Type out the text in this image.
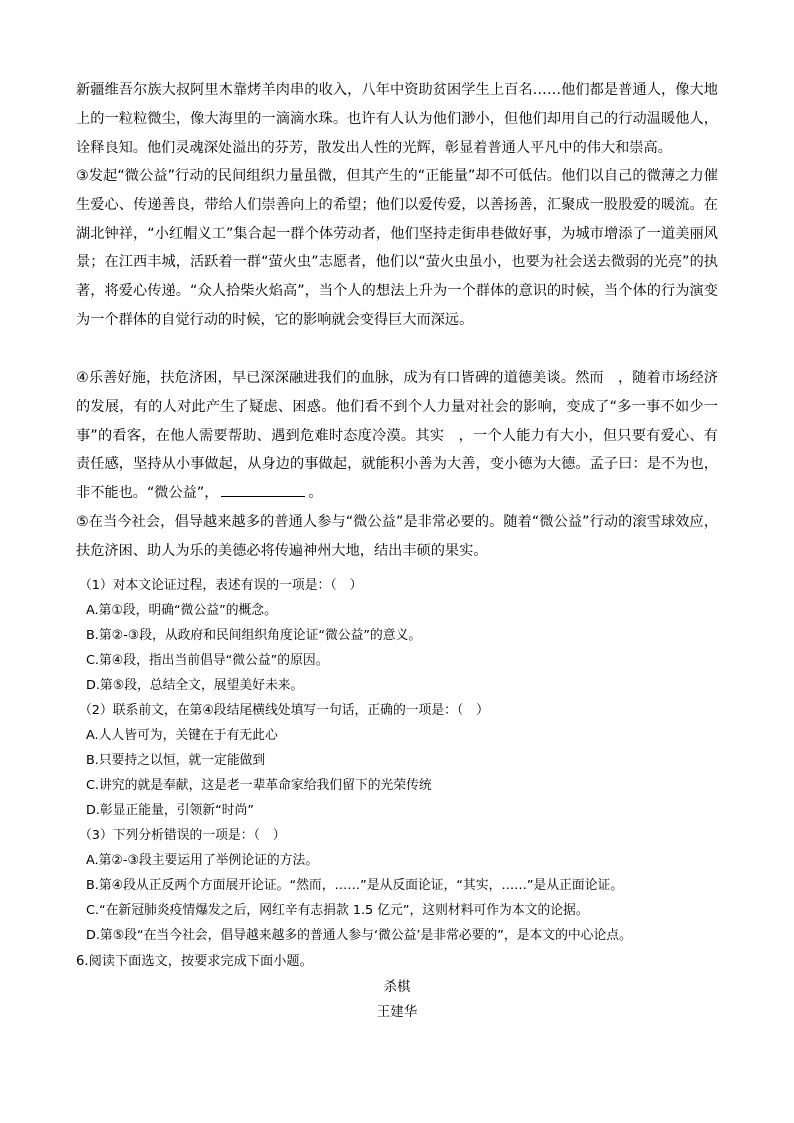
新疆维吾尔族大叔阿里木靠烤羊肉串的收入，八年中资助贫困学生上百名……他们都是普通人，像大地上的一粒粒微尘，像大海里的一滴滴水珠。也许有人认为他们渺小，但他们却用自己的行动温暖他人，诠释良知。他们灵魂深处溢出的芬芳，散发出人性的光辉，彰显着普通人平凡中的伟大和崇高。

③发起“微公益”行动的民间组织力量虽微，但其产生的“正能量”却不可低估。他们以自己的微薄之力催生爱心、传递善良，带给人们崇善向上的希望；他们以爱传爱，以善扬善，汇聚成一股股爱的暖流。在湖北钟祥，“小红帽义工”集合起一群个体劳动者，他们坚持走街串巷做好事，为城市增添了一道美丽风景；在江西丰城，活跃着一群“萤火虫”志愿者，他们以“萤火虫虽小，也要为社会送去微弱的光亮”的执著，将爱心传递。“众人拾柴火焰高”，当个人的想法上升为一个群体的意识的时候，当个体的行为演变为一个群体的自觉行动的时候，它的影响就会变得巨大而深远。

④乐善好施，扶危济困，早已深深融进我们的血脉，成为有口皆碑的道德美谈。然而　，随着市场经济的发展，有的人对此产生了疑虑、困惑。他们看不到个人力量对社会的影响，变成了“多一事不如少一事”的看客，在他人需要帮助、遇到危难时态度冷漠。其实　，一个人能力有大小，但只要有爱心、有责任感，坚持从小事做起，从身边的事做起，就能积小善为大善，变小德为大德。孟子曰：是不为也，非不能也。“微公益”，	。

⑤在当今社会，倡导越来越多的普通人参与“微公益”是非常必要的。随着“微公益”行动的滚雪球效应，扶危济困、助人为乐的美德必将传遍神州大地，结出丰硕的果实。

（1）对本文论证过程，表述有误的一项是：（　）

A.第①段，明确“微公益”的概念。

B.第②-③段，从政府和民间组织角度论证“微公益”的意义。

C.第④段，指出当前倡导“微公益”的原因。

D.第⑤段，总结全文，展望美好未来。

（2）联系前文，在第④段结尾横线处填写一句话，正确的一项是：（　）

A.人人皆可为，关键在于有无此心

B.只要持之以恒，就一定能做到

C.讲究的就是奉献，这是老一辈革命家给我们留下的光荣传统

D.彰显正能量，引领新“时尚”

（3）下列分析错误的一项是：（　）

A.第②-③段主要运用了举例论证的方法。

B.第④段从正反两个方面展开论证。“然而，……”是从反面论证，“其实，……”是从正面论证。

C.“在新冠肺炎疫情爆发之后，网红辛有志捐款 1.5 亿元”，这则材料可作为本文的论据。

D.第⑤段“在当今社会，倡导越来越多的普通人参与‘微公益’是非常必要的”，是本文的中心论点。

6.阅读下面选文，按要求完成下面小题。

杀棋

王建华
